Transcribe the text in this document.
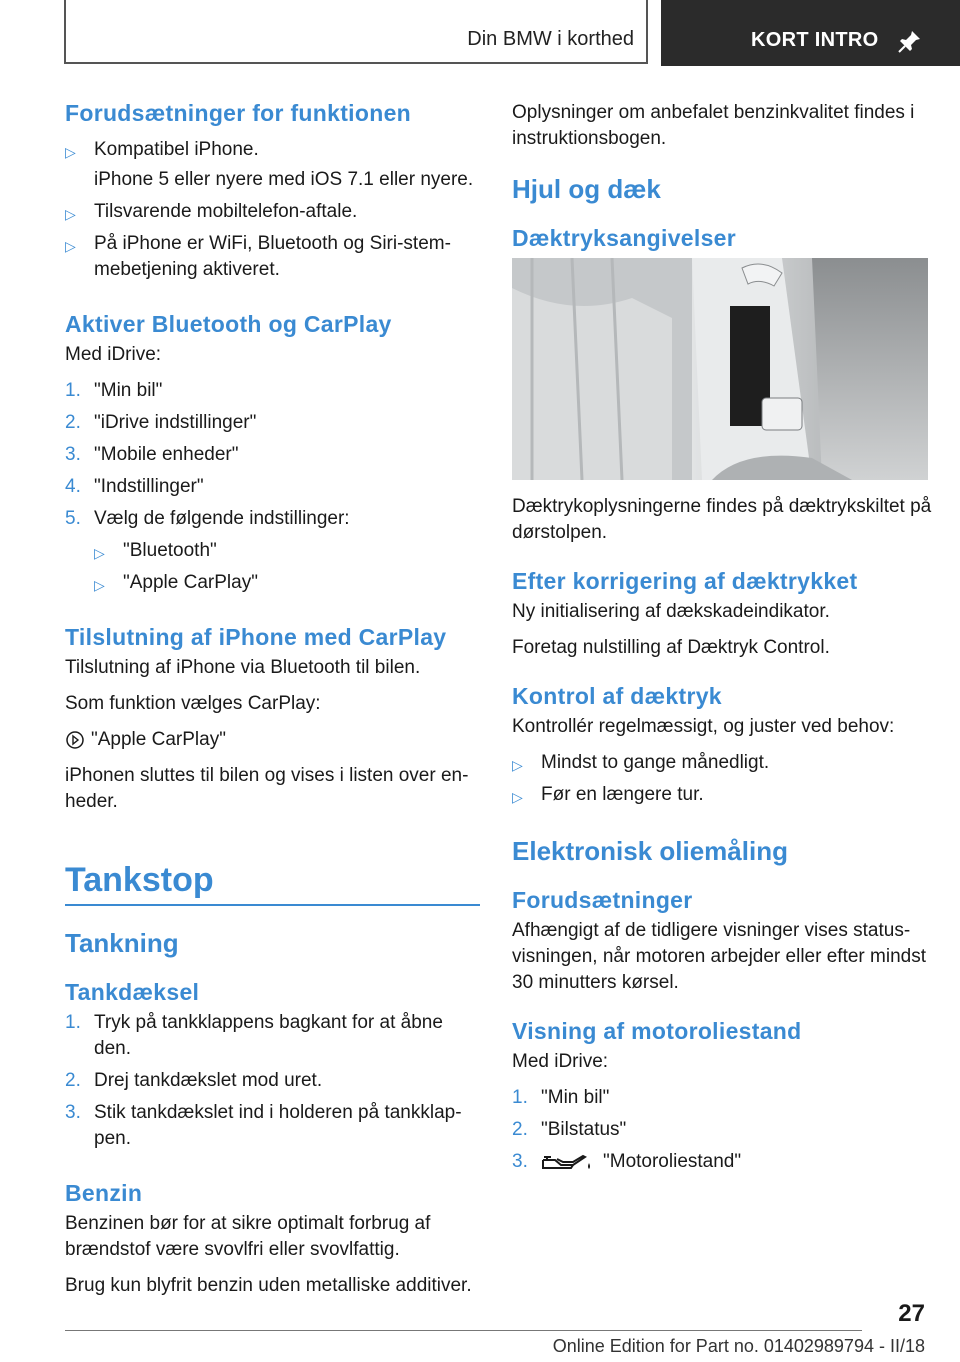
Din BMW i korthed	KORT INTRO
Forudsætninger for funktionen
▷ Kompatibel iPhone.
iPhone 5 eller nyere med iOS 7.1 eller nyere.
▷ Tilsvarende mobiltelefon-aftale.
▷ På iPhone er WiFi, Bluetooth og Siri-stemmebetjening aktiveret.
Aktiver Bluetooth og CarPlay

Med iDrive:

1. "Min bil"
2. "iDrive indstillinger"
3. "Mobile enheder"
4. "Indstillinger"
5. Vælg de følgende indstillinger:
▷ "Bluetooth"
▷ "Apple CarPlay"
Tilslutning af iPhone med CarPlay

Tilslutning af iPhone via Bluetooth til bilen.

Som funktion vælges CarPlay:

"Apple CarPlay"

iPhonen sluttes til bilen og vises i listen over enheder.

Tankstop
Tankning
Tankdæksel
1. Tryk på tankklappens bagkant for at åbne den.
2. Drej tankdækslet mod uret.
3. Stik tankdækslet ind i holderen på tankklappen.
Benzin

Benzinen bør for at sikre optimalt forbrug af brændstof være svovlfri eller svovlfattig.

Brug kun blyfrit benzin uden metalliske additiver.

Oplysninger om anbefalet benzinkvalitet findes i instruktionsbogen.

Hjul og dæk
Dæktryksangivelser

Dæktrykoplysningerne findes på dæktrykskiltet på dørstolpen.

Efter korrigering af dæktrykket

Ny initialisering af dækskadeindikator.

Foretag nulstilling af Dæktryk Control.

Kontrol af dæktryk

Kontrollér regelmæssigt, og juster ved behov:

▷ Mindst to gange månedligt.
▷ Før en længere tur.
Elektronisk oliemåling
Forudsætninger

Afhængigt af de tidligere visninger vises statusvisningen, når motoren arbejder eller efter mindst 30 minutters kørsel.

Visning af motoroliestand

Med iDrive:

1. "Min bil"
2. "Bilstatus"
3.	"Motoroliestand"
27
Online Edition for Part no. 01402989794 - II/18
